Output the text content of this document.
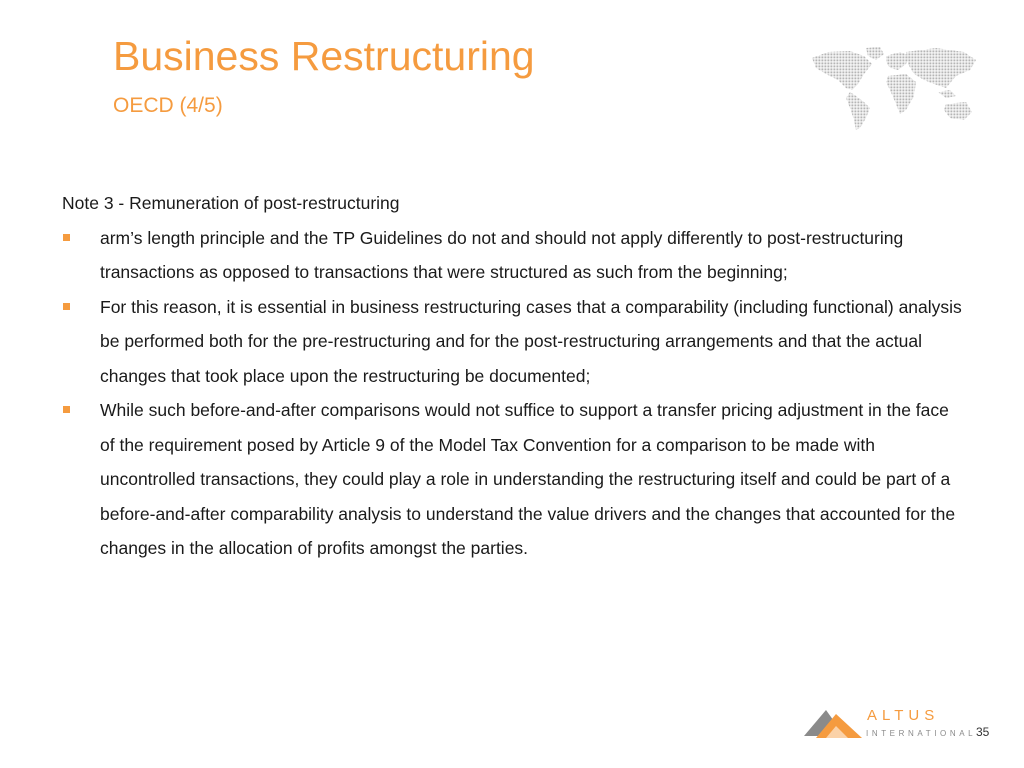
Business Restructuring
OECD (4/5)

Note 3 - Remuneration of post-restructuring

arm’s length principle and the TP Guidelines do not and should not apply differently to post-restructuring transactions as opposed to transactions that were structured as such from the beginning;
For this reason, it is essential in business restructuring cases that a comparability (including functional) analysis be performed both for the pre-restructuring and for the post-restructuring arrangements and that the actual changes that took place upon the restructuring be documented;
While such before-and-after comparisons would not suffice to support a transfer pricing adjustment in the face of the requirement posed by Article 9 of the Model Tax Convention for a comparison to be made with uncontrolled transactions, they could play a role in understanding the restructuring itself and could be part of a before-and-after comparability analysis to understand the value drivers and the changes that accounted for the changes in the allocation of profits amongst the parties.
ALTUS
INTERNATIONAL 35
